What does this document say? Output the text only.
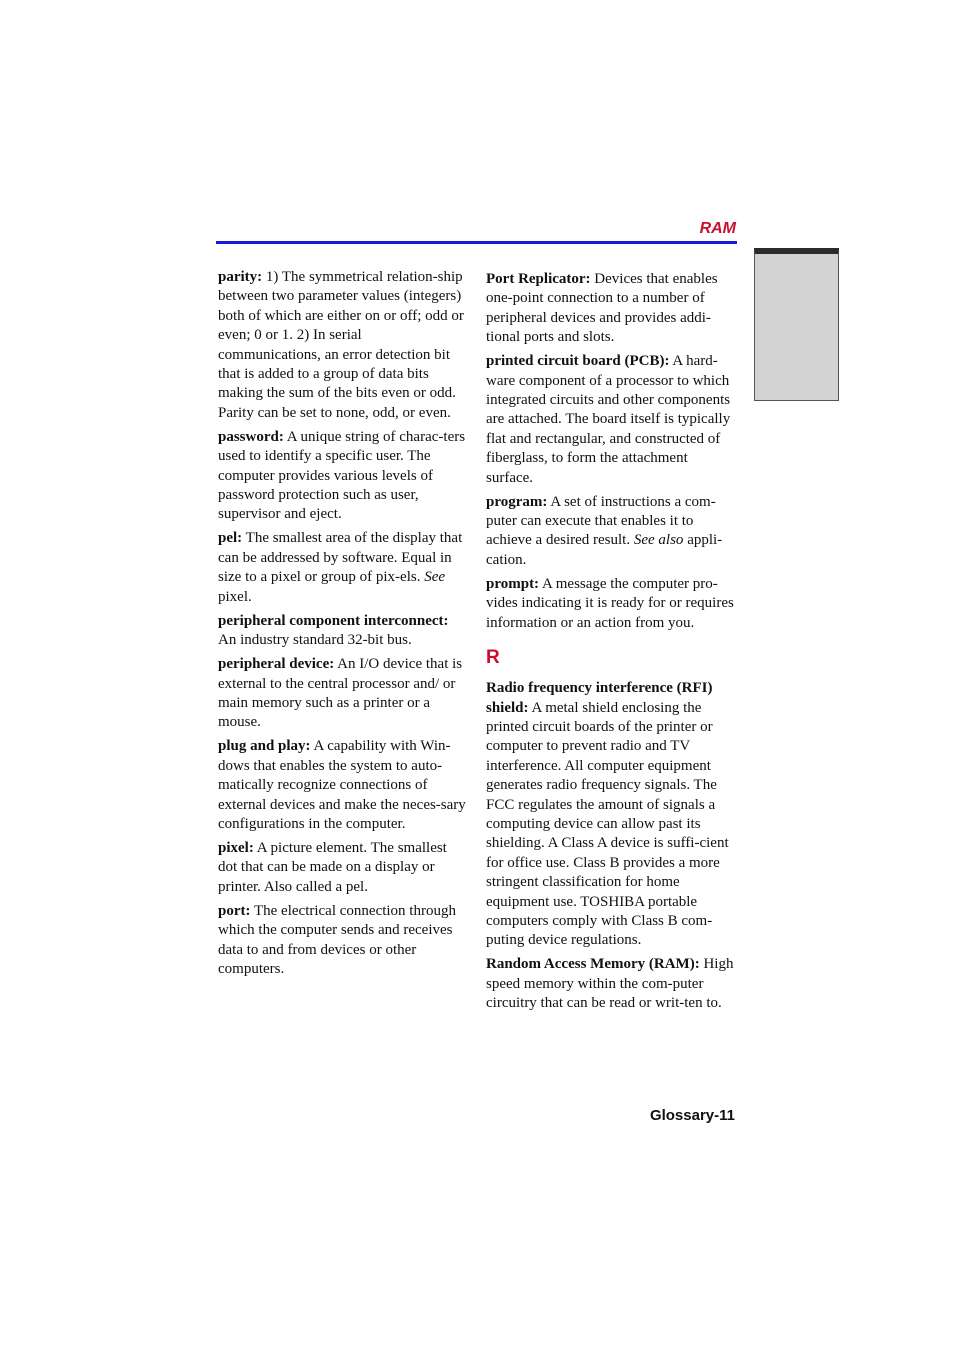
RAM

parity: 1) The symmetrical relation-ship between two parameter values (integers) both of which are either on or off; odd or even; 0 or 1. 2) In serial communications, an error detection bit that is added to a group of data bits making the sum of the bits even or odd. Parity can be set to none, odd, or even.

password: A unique string of charac-ters used to identify a specific user. The computer provides various levels of password protection such as user, supervisor and eject.

pel: The smallest area of the display that can be addressed by software. Equal in size to a pixel or group of pix-els. See pixel.

peripheral component interconnect: An industry standard 32-bit bus.

peripheral device: An I/O device that is external to the central processor and/ or main memory such as a printer or a mouse.

plug and play: A capability with Win-dows that enables the system to auto-matically recognize connections of external devices and make the neces-sary configurations in the computer.

pixel: A picture element. The smallest dot that can be made on a display or printer. Also called a pel.

port: The electrical connection through which the computer sends and receives data to and from devices or other computers.

Port Replicator: Devices that enables one-point connection to a number of peripheral devices and provides addi-tional ports and slots.

printed circuit board (PCB): A hard-ware component of a processor to which integrated circuits and other components are attached. The board itself is typically flat and rectangular, and constructed of fiberglass, to form the attachment surface.

program: A set of instructions a com-puter can execute that enables it to achieve a desired result. See also appli-cation.

prompt: A message the computer pro-vides indicating it is ready for or requires information or an action from you.

R

Radio frequency interference (RFI) shield: A metal shield enclosing the printed circuit boards of the printer or computer to prevent radio and TV interference. All computer equipment generates radio frequency signals. The FCC regulates the amount of signals a computing device can allow past its shielding. A Class A device is suffi-cient for office use. Class B provides a more stringent classification for home equipment use. TOSHIBA portable computers comply with Class B com-puting device regulations.

Random Access Memory (RAM): High speed memory within the com-puter circuitry that can be read or writ-ten to.

Glossary-11
